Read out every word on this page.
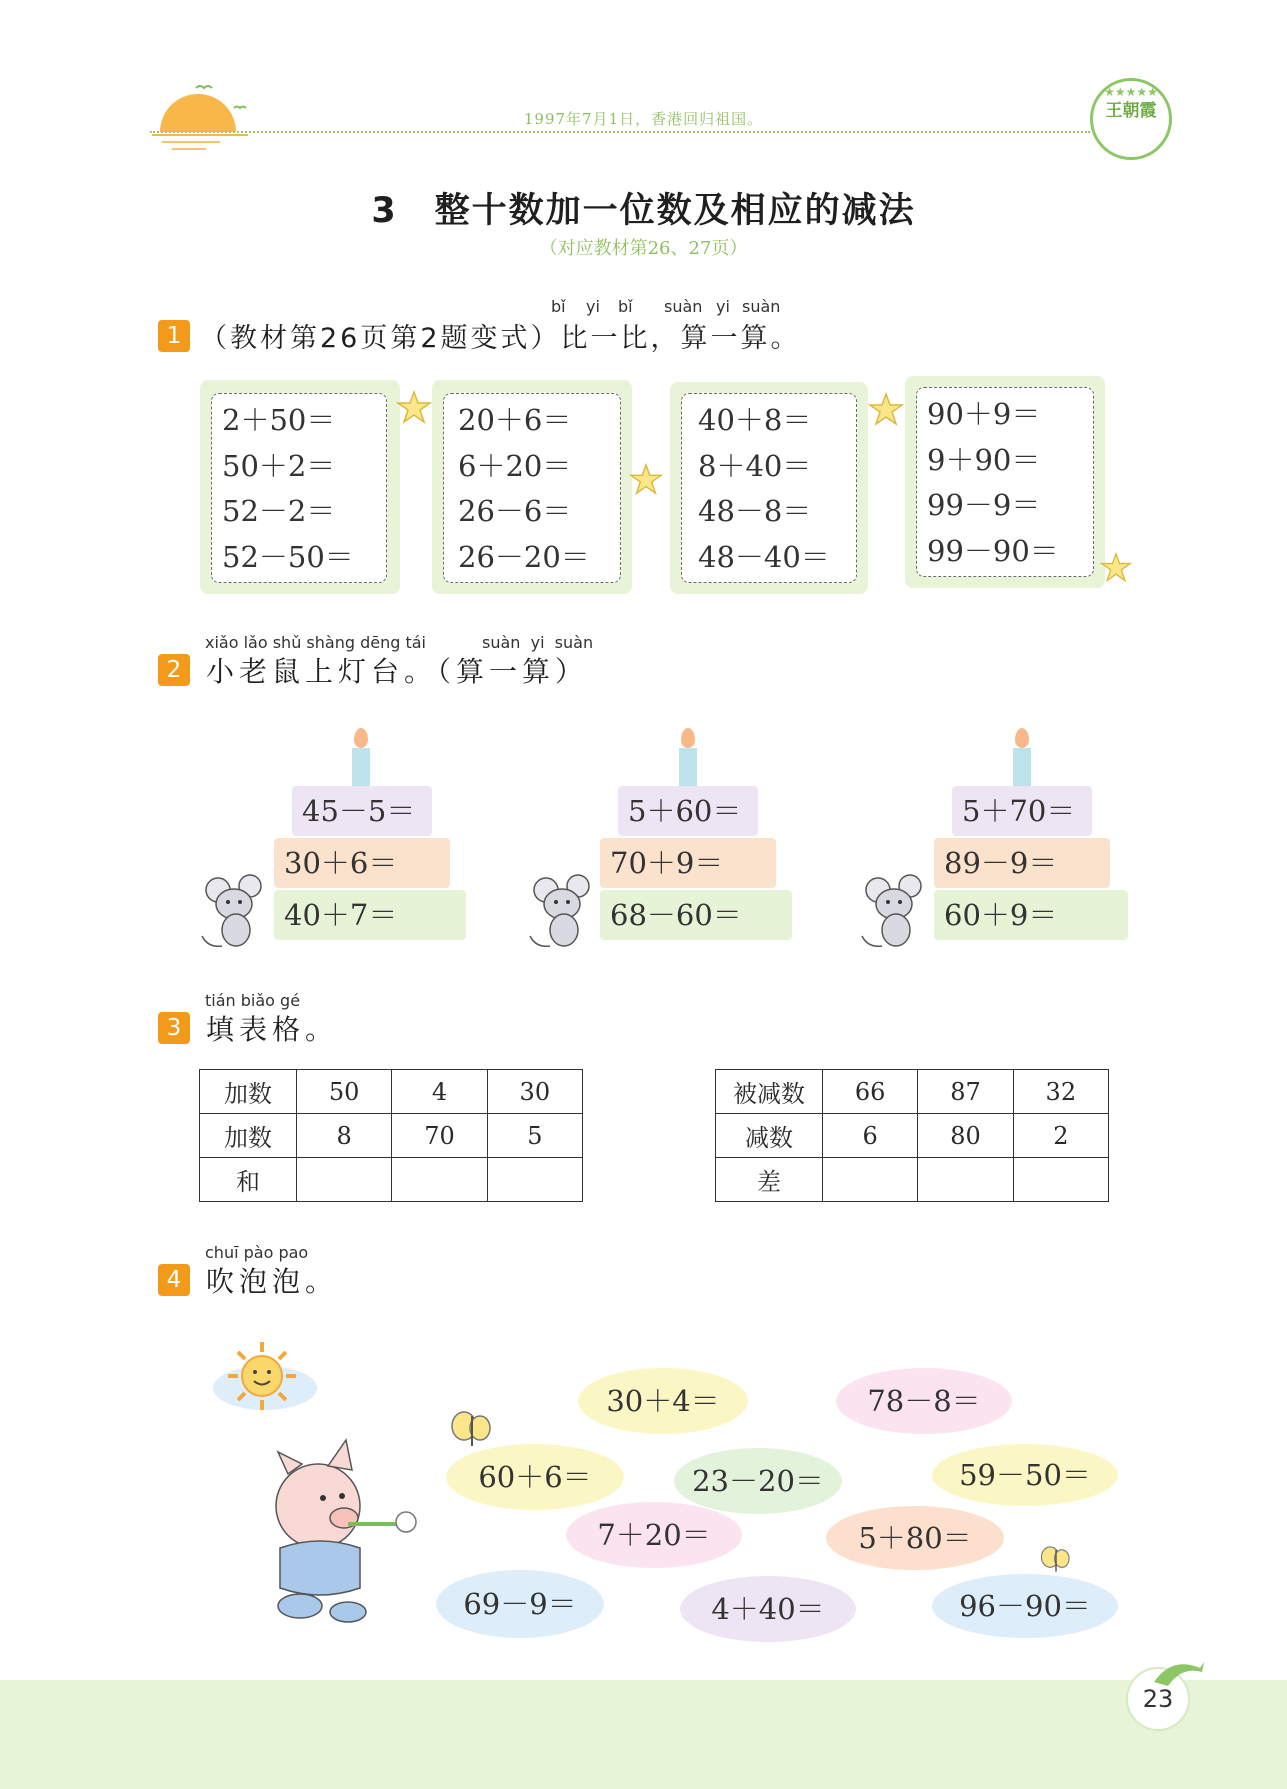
1997年7月1日，香港回归祖国。
★★★★★
王朝霞
3　整十数加一位数及相应的减法
（对应教材第26、27页）
bǐ yi bǐ suàn yi suàn
1 （教材第26页第2题变式）比一比，算一算。
2＋50＝
50＋2＝
52－2＝
52－50＝
20＋6＝
6＋20＝
26－6＝
26－20＝
40＋8＝
8＋40＝
48－8＝
48－40＝
90＋9＝
9＋90＝
99－9＝
99－90＝
xiǎo lǎo shǔ shàng dēng tái	suàn  yi  suàn
2 小老鼠上灯台。（算一算）
45－5＝
30＋6＝
40＋7＝
5＋60＝
70＋9＝
68－60＝
5＋70＝
89－9＝
60＋9＝
tián biǎo gé
3 填表格。
加数	50	4	30
加数	8	70	5
和			
被减数	66	87	32
减数	6	80	2
差			
chuī pào pao
4 吹泡泡。
30＋4＝	78－8＝
60＋6＝	23－20＝	59－50＝
7＋20＝	5＋80＝
69－9＝	4＋40＝	96－90＝
23
